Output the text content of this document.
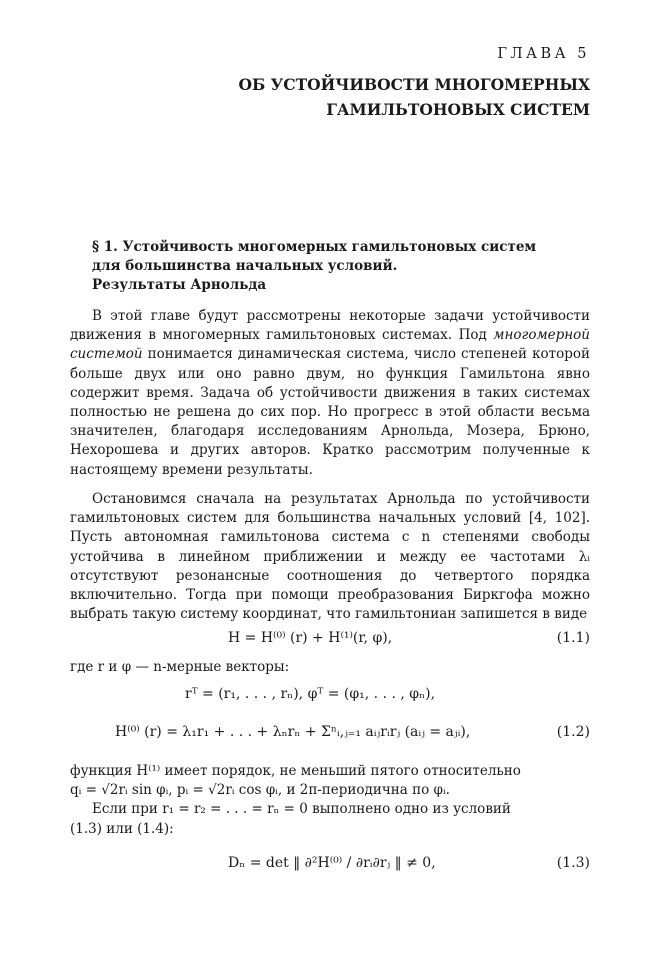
ГЛАВА 5
ОБ УСТОЙЧИВОСТИ МНОГОМЕРНЫХ
ГАМИЛЬТОНОВЫХ СИСТЕМ
§ 1. Устойчивость многомерных гамильтоновых систем
для большинства начальных условий.
Результаты Арнольда

В этой главе будут рассмотрены некоторые задачи устойчивости движения в многомерных гамильтоновых системах. Под многомерной системой понимается динамическая система, число степеней которой больше двух или оно равно двум, но функция Гамильтона явно содержит время. Задача об устойчивости движения в таких системах полностью не решена до сих пор. Но прогресс в этой области весьма значителен, благодаря исследованиям Арнольда, Мозера, Брюно, Нехорошева и других авторов. Кратко рассмотрим полученные к настоящему времени результаты.

Остановимся сначала на результатах Арнольда по устойчивости гамильтоновых систем для большинства начальных условий [4, 102]. Пусть автономная гамильтонова система с n степенями свободы устойчива в линейном приближении и между ее частотами λᵢ отсутствуют резонансные соотношения до четвертого порядка включительно. Тогда при помощи преобразования Биркгофа можно выбрать такую систему координат, что гамильтониан запишется в виде

H = H⁽⁰⁾ (r) + H⁽¹⁾(r, φ),	(1.1)

где r и φ — n-мерные векторы:

rᵀ = (r₁, . . . , rₙ), φᵀ = (φ₁, . . . , φₙ),
H⁽⁰⁾ (r) = λ₁r₁ + . . . + λₙrₙ + Σⁿᵢ,ⱼ₌₁ aᵢⱼrᵢrⱼ (aᵢⱼ = aⱼᵢ),	(1.2)
функция H⁽¹⁾ имеет порядок, не меньший пятого относительно
qᵢ = √2rᵢ sin φᵢ, pᵢ = √2rᵢ cos φᵢ, и 2π-периодична по φᵢ.
Если при r₁ = r₂ = . . . = rₙ = 0 выполнено одно из условий
(1.3) или (1.4):
Dₙ = det ‖ ∂²H⁽⁰⁾ / ∂rᵢ∂rⱼ ‖ ≠ 0,	(1.3)
